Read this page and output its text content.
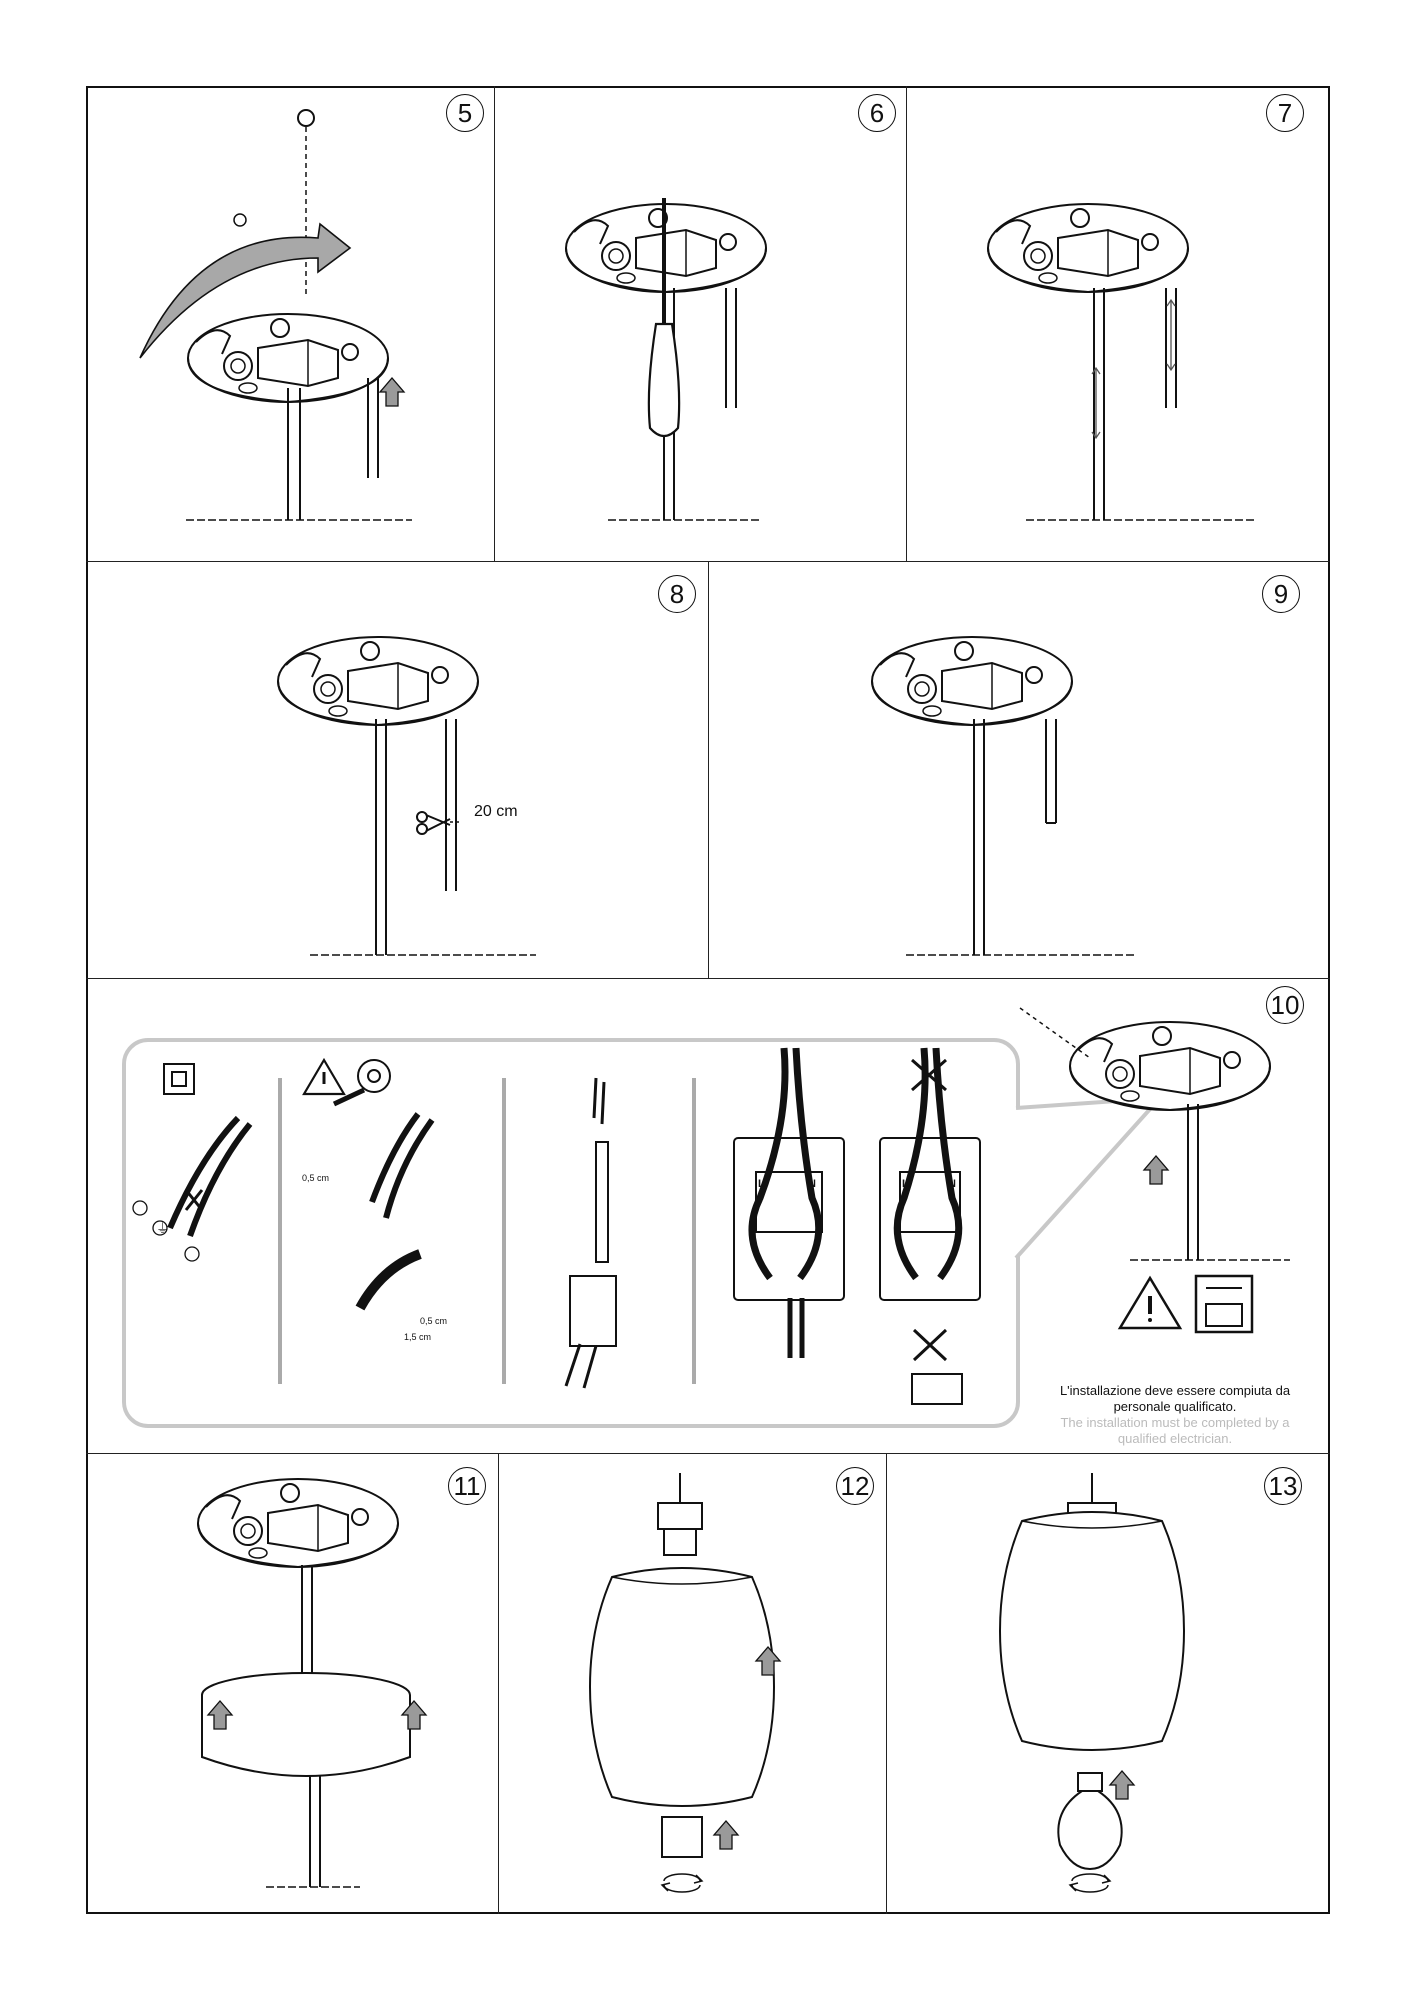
5	6	7
8
20 cm
9
10
0,5 cm
0,5 cm
1,5 cm
L	N	L	N
⏚
L'installazione deve essere compiuta da personale qualificato.
The installation must be completed by a qualified electrician.
11	12	13
